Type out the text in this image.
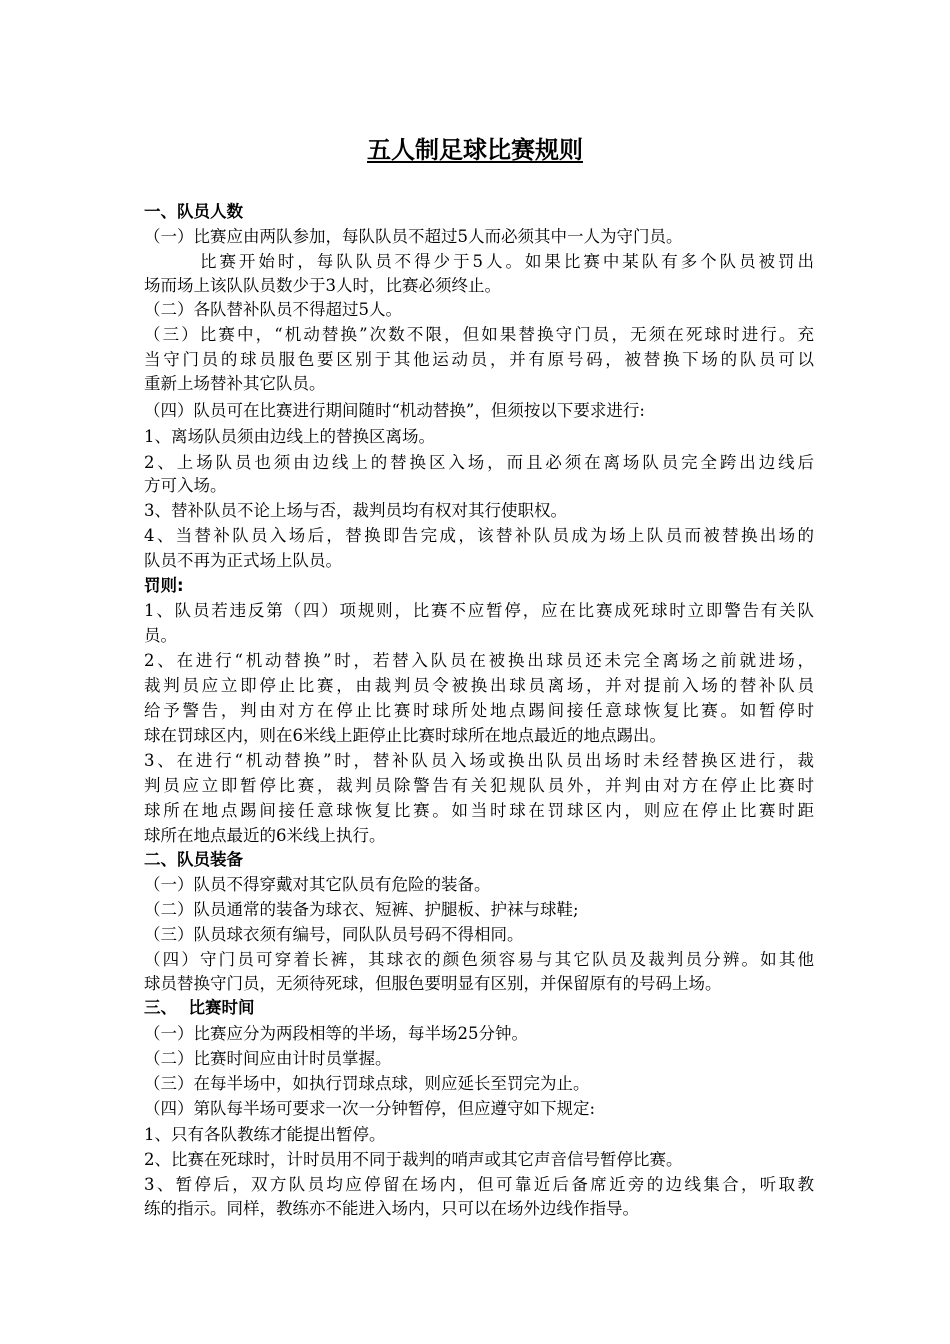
五人制足球比赛规则
一、队员人数
（一）比赛应由两队参加，每队队员不超过5人而必须其中一人为守门员。
比赛开始时，每队队员不得少于5人。如果比赛中某队有多个队员被罚出
场而场上该队队员数少于3人时，比赛必须终止。
（二）各队替补队员不得超过5人。
（三）比赛中，“机动替换”次数不限，但如果替换守门员，无须在死球时进行。充
当守门员的球员服色要区别于其他运动员，并有原号码，被替换下场的队员可以
重新上场替补其它队员。
（四）队员可在比赛进行期间随时“机动替换”，但须按以下要求进行:
1、离场队员须由边线上的替换区离场。
2、上场队员也须由边线上的替换区入场，而且必须在离场队员完全跨出边线后
方可入场。
3、替补队员不论上场与否，裁判员均有权对其行使职权。
4、当替补队员入场后，替换即告完成，该替补队员成为场上队员而被替换出场的
队员不再为正式场上队员。
罚则:
1、队员若违反第（四）项规则，比赛不应暂停，应在比赛成死球时立即警告有关队
员。
2、在进行“机动替换”时，若替入队员在被换出球员还未完全离场之前就进场，
裁判员应立即停止比赛，由裁判员令被换出球员离场，并对提前入场的替补队员
给予警告，判由对方在停止比赛时球所处地点踢间接任意球恢复比赛。如暂停时
球在罚球区内，则在6米线上距停止比赛时球所在地点最近的地点踢出。
3、在进行“机动替换”时，替补队员入场或换出队员出场时未经替换区进行，裁
判员应立即暂停比赛，裁判员除警告有关犯规队员外，并判由对方在停止比赛时
球所在地点踢间接任意球恢复比赛。如当时球在罚球区内，则应在停止比赛时距
球所在地点最近的6米线上执行。
二、队员装备
（一）队员不得穿戴对其它队员有危险的装备。
（二）队员通常的装备为球衣、短裤、护腿板、护袜与球鞋;
（三）队员球衣须有编号，同队队员号码不得相同。
（四）守门员可穿着长裤，其球衣的颜色须容易与其它队员及裁判员分辨。如其他
球员替换守门员，无须待死球，但服色要明显有区别，并保留原有的号码上场。
三、  比赛时间
（一）比赛应分为两段相等的半场，每半场25分钟。
（二）比赛时间应由计时员掌握。
（三）在每半场中，如执行罚球点球，则应延长至罚完为止。
（四）第队每半场可要求一次一分钟暂停，但应遵守如下规定:
1、只有各队教练才能提出暂停。
2、比赛在死球时，计时员用不同于裁判的哨声或其它声音信号暂停比赛。
3、暂停后，双方队员均应停留在场内，但可靠近后备席近旁的边线集合，听取教
练的指示。同样，教练亦不能进入场内，只可以在场外边线作指导。
